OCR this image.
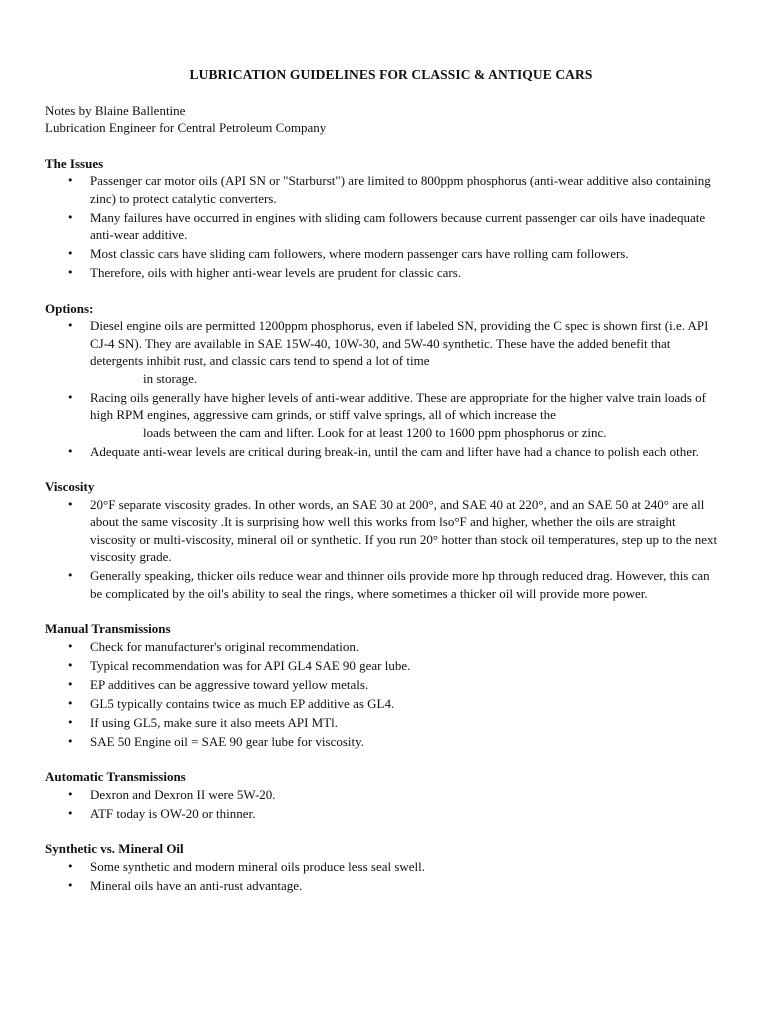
LUBRICATION GUIDELINES FOR CLASSIC & ANTIQUE CARS

Notes by Blaine Ballentine

Lubrication Engineer for Central Petroleum Company

The Issues

• Passenger car motor oils (API SN or "Starburst") are limited to 800ppm phosphorus (anti-wear additive also containing zinc) to protect catalytic converters.
• Many failures have occurred in engines with sliding cam followers because current passenger car oils have inadequate anti-wear additive.
• Most classic cars have sliding cam followers, where modern passenger cars have rolling cam followers.
• Therefore, oils with higher anti-wear levels are prudent for classic cars.

Options:

• Diesel engine oils are permitted 1200ppm phosphorus, even if labeled SN, providing the C spec is shown first (i.e. API CJ-4 SN). They are available in SAE 15W-40, 10W-30, and 5W-40 synthetic. These have the added benefit that detergents inhibit rust, and classic cars tend to spend a lot of time
in storage.
• Racing oils generally have higher levels of anti-wear additive. These are appropriate for the higher valve train loads of high RPM engines, aggressive cam grinds, or stiff valve springs, all of which increase the
loads between the cam and lifter. Look for at least 1200 to 1600 ppm phosphorus or zinc.
• Adequate anti-wear levels are critical during break-in, until the cam and lifter have had a chance to polish each other.

Viscosity

• 20°F separate viscosity grades. In other words, an SAE 30 at 200°, and SAE 40 at 220°, and an SAE 50 at 240° are all about the same viscosity .It is surprising how well this works from lso°F and higher, whether the oils are straight viscosity or multi-viscosity, mineral oil or synthetic. If you run 20° hotter than stock oil temperatures, step up to the next viscosity grade.
• Generally speaking, thicker oils reduce wear and thinner oils provide more hp through reduced drag. However, this can be complicated by the oil's ability to seal the rings, where sometimes a thicker oil will provide more power.

Manual Transmissions

• Check for manufacturer's original recommendation.
• Typical recommendation was for API GL4 SAE 90 gear lube.
• EP additives can be aggressive toward yellow metals.
• GL5 typically contains twice as much EP additive as GL4.
• If using GL5, make sure it also meets API MTl.
• SAE 50 Engine oil = SAE 90 gear lube for viscosity.

Automatic Transmissions

• Dexron and Dexron II were 5W-20.
• ATF today is OW-20 or thinner.

Synthetic vs. Mineral Oil

• Some synthetic and modern mineral oils produce less seal swell.
• Mineral oils have an anti-rust advantage.
